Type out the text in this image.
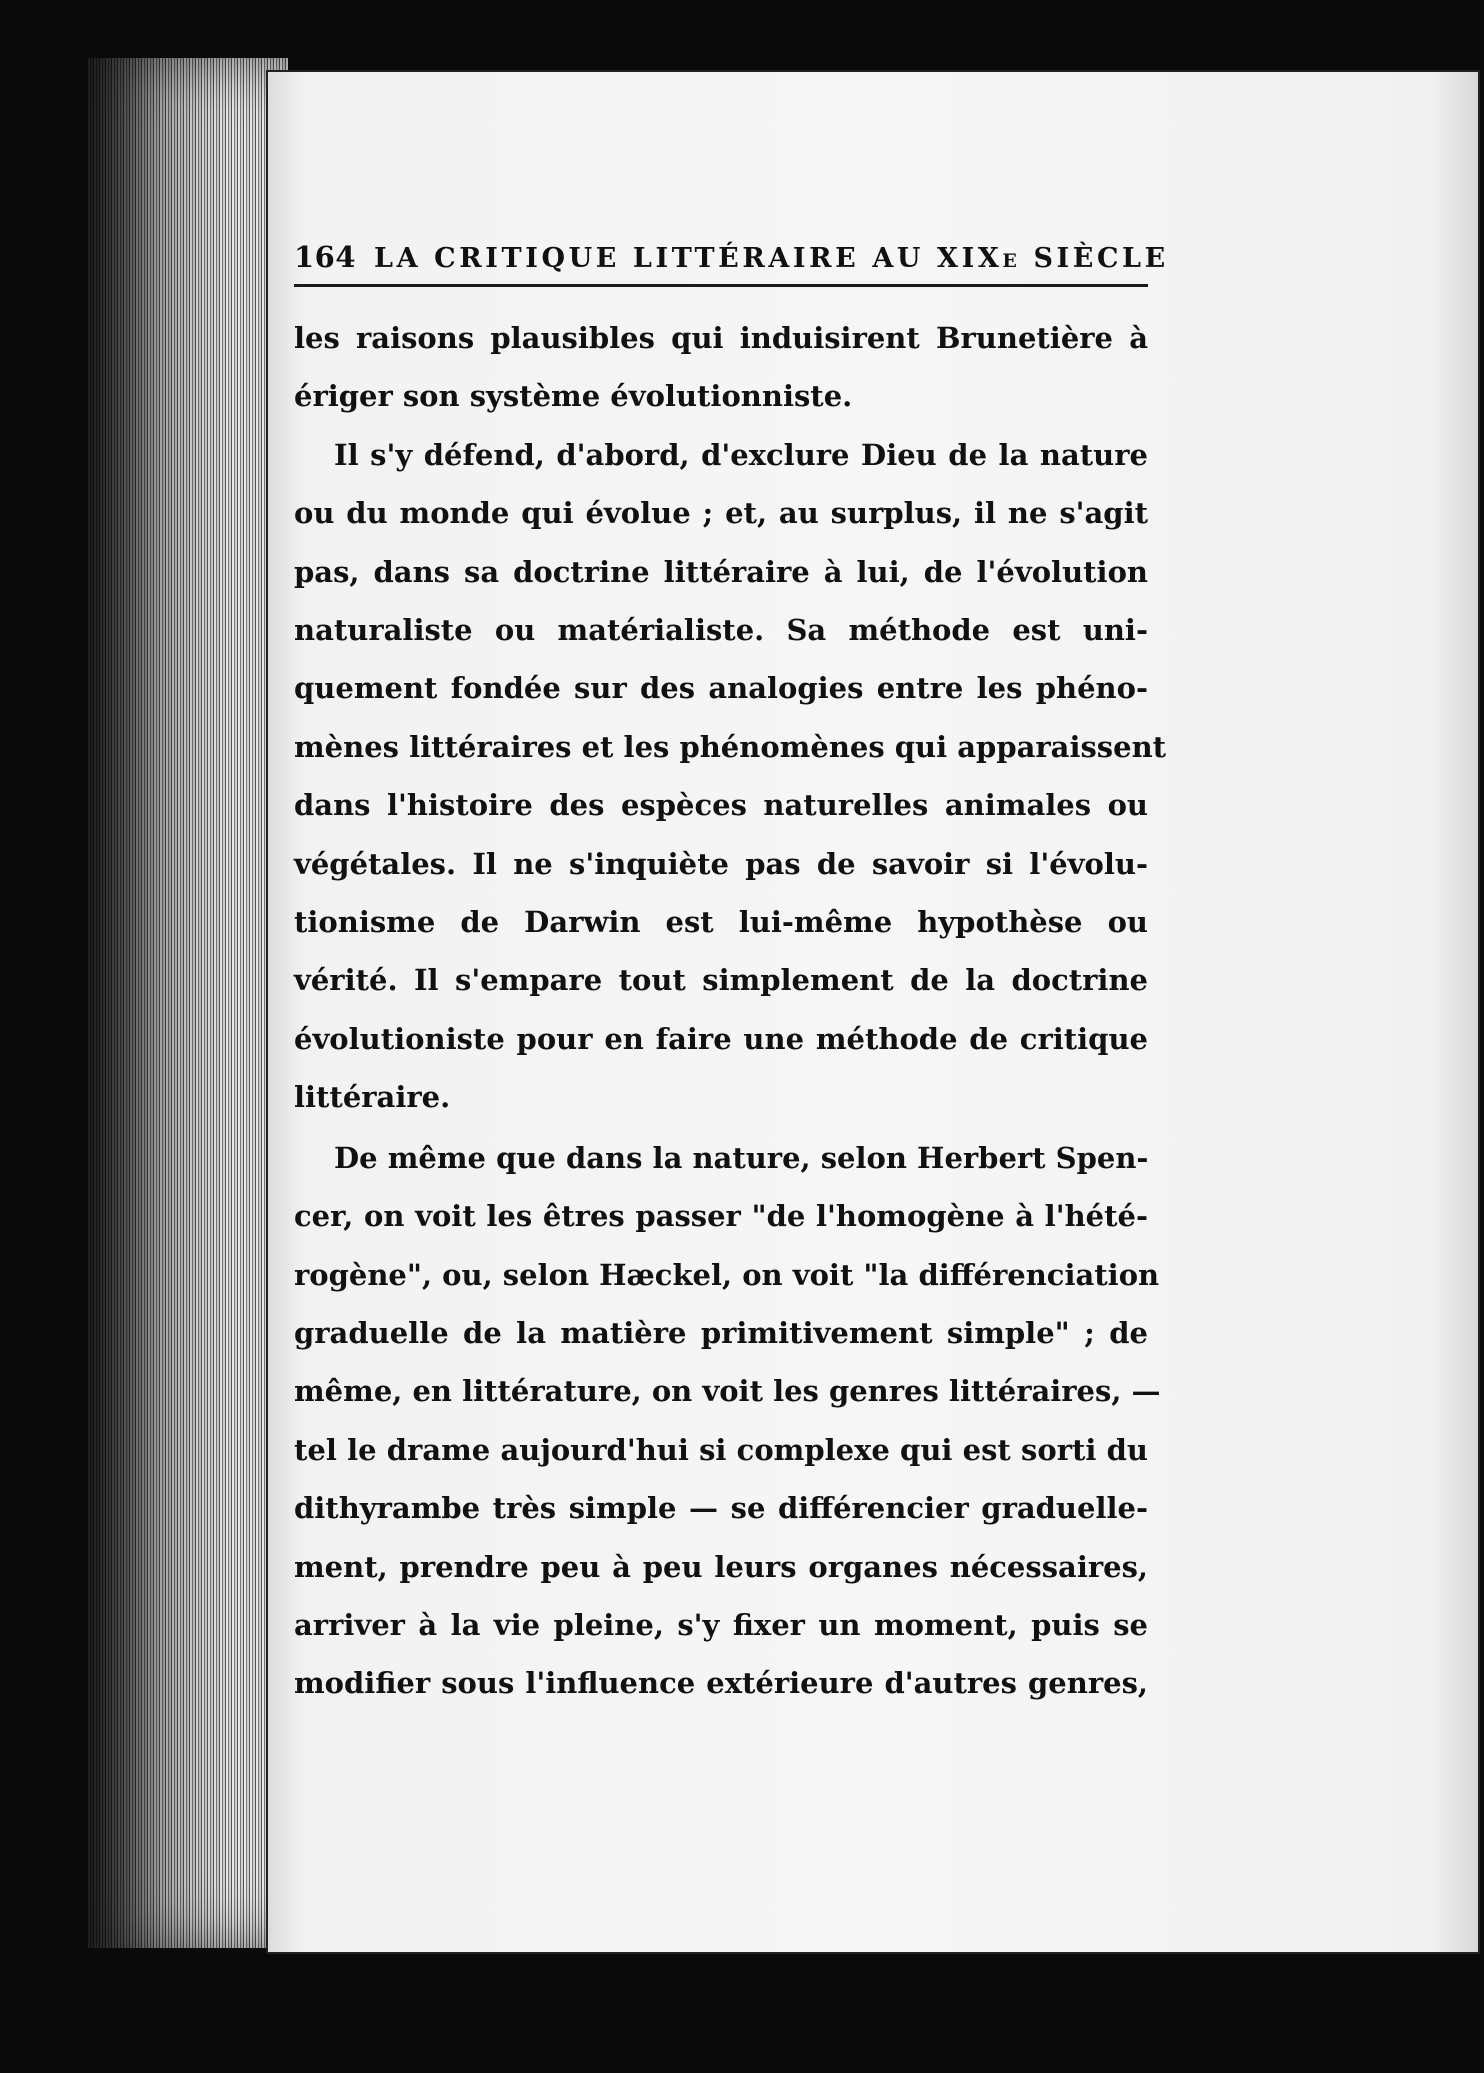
164 LA CRITIQUE LITTÉRAIRE AU XIXe SIÈCLE

les raisons plausibles qui induisirent Brunetière à
ériger son système évolutionniste.

Il s'y défend, d'abord, d'exclure Dieu de la nature
ou du monde qui évolue ; et, au surplus, il ne s'agit
pas, dans sa doctrine littéraire à lui, de l'évolution
naturaliste ou matérialiste. Sa méthode est uni-
quement fondée sur des analogies entre les phéno-
mènes littéraires et les phénomènes qui apparaissent
dans l'histoire des espèces naturelles animales ou
végétales. Il ne s'inquiète pas de savoir si l'évolu-
tionisme de Darwin est lui-même hypothèse ou
vérité. Il s'empare tout simplement de la doctrine
évolutioniste pour en faire une méthode de critique
littéraire.

De même que dans la nature, selon Herbert Spen-
cer, on voit les êtres passer "de l'homogène à l'hété-
rogène", ou, selon Hæckel, on voit "la différenciation
graduelle de la matière primitivement simple" ; de
même, en littérature, on voit les genres littéraires, —
tel le drame aujourd'hui si complexe qui est sorti du
dithyrambe très simple — se différencier graduelle-
ment, prendre peu à peu leurs organes nécessaires,
arriver à la vie pleine, s'y fixer un moment, puis se
modifier sous l'influence extérieure d'autres genres,
